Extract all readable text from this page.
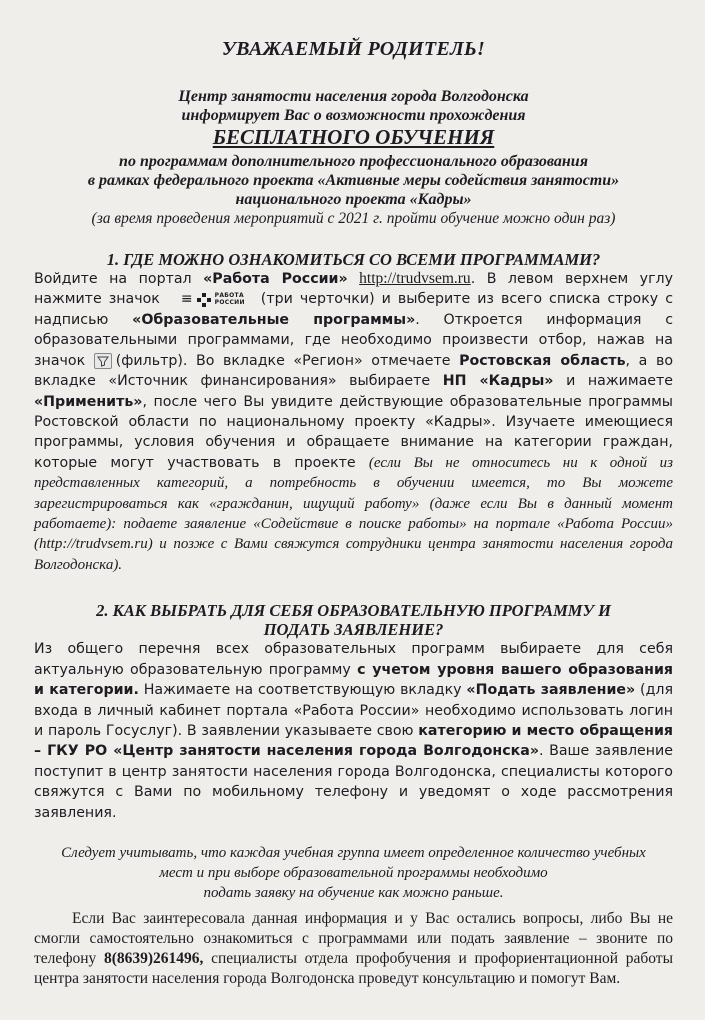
УВАЖАЕМЫЙ РОДИТЕЛЬ!
Центр занятости населения города Волгодонска
информирует Вас о возможности прохождения
БЕСПЛАТНОГО ОБУЧЕНИЯ
по программам дополнительного профессионального образования
в рамках федерального проекта «Активные меры содействия занятости»
национального проекта «Кадры»
(за время проведения мероприятий с 2021 г. пройти обучение можно один раз)
1. ГДЕ МОЖНО ОЗНАКОМИТЬСЯ СО ВСЕМИ ПРОГРАММАМИ?

Войдите на портал «Работа России» http://trudvsem.ru. В левом верхнем углу нажмите значок ≡	РАБОТА
РОССИИ (три черточки) и выберите из всего списка строку с надписью «Образовательные программы». Откроется информация с образовательными программами, где необходимо произвести отбор, нажав на значок
(фильтр). Во вкладке «Регион» отмечаете Ростовская область, а во вкладке «Источник финансирования» выбираете НП «Кадры» и нажимаете «Применить», после чего Вы увидите действующие образовательные программы Ростовской области по национальному проекту «Кадры». Изучаете имеющиеся программы, условия обучения и обращаете внимание на категории граждан, которые могут участвовать в проекте (если Вы не относитесь ни к одной из представленных категорий, а потребность в обучении имеется, то Вы можете зарегистрироваться как «гражданин, ищущий работу» (даже если Вы в данный момент работаете): подаете заявление «Содействие в поиске работы» на портале «Работа России» (http://trudvsem.ru) и позже с Вами свяжутся сотрудники центра занятости населения города Волгодонска).

2. КАК ВЫБРАТЬ ДЛЯ СЕБЯ ОБРАЗОВАТЕЛЬНУЮ ПРОГРАММУ И
ПОДАТЬ ЗАЯВЛЕНИЕ?

Из общего перечня всех образовательных программ выбираете для себя актуальную образовательную программу с учетом уровня вашего образования и категории. Нажимаете на соответствующую вкладку «Подать заявление» (для входа в личный кабинет портала «Работа России» необходимо использовать логин и пароль Госуслуг). В заявлении указываете свою категорию и место обращения – ГКУ РО «Центр занятости населения города Волгодонска». Ваше заявление поступит в центр занятости населения города Волгодонска, специалисты которого свяжутся с Вами по мобильному телефону и уведомят о ходе рассмотрения заявления.

Следует учитывать, что каждая учебная группа имеет определенное количество учебных
мест и при выборе образовательной программы необходимо
подать заявку на обучение как можно раньше.

Если Вас заинтересовала данная информация и у Вас остались вопросы, либо Вы не смогли самостоятельно ознакомиться с программами или подать заявление – звоните по телефону 8(8639)261496, специалисты отдела профобучения и профориентационной работы центра занятости населения города Волгодонска проведут консультацию и помогут Вам.
